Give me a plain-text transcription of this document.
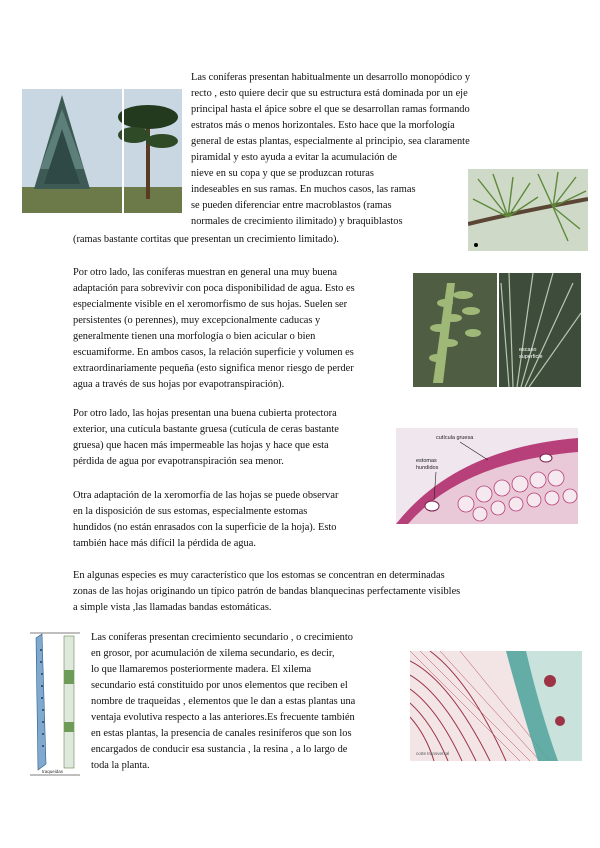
Las coníferas presentan habitualmente un desarrollo monopódico y
recto , esto quiere decir que su estructura está dominada por un eje
principal hasta el ápice sobre el que se desarrollan ramas formando
estratos más o menos horizontales. Esto hace que la morfología
general de estas plantas, especialmente al principio, sea claramente
piramidal y esto ayuda a evitar la acumulación de
nieve en su copa y que se produzcan roturas
indeseables en sus ramas. En muchos casos, las ramas
se pueden diferenciar entre macroblastos (ramas
normales de crecimiento ilimitado) y braquiblastos
(ramas bastante cortitas que presentan un crecimiento limitado).
Por otro lado, las coníferas muestran en general una muy buena
adaptación para sobrevivir con poca disponibilidad de agua. Esto es
especialmente visible en el xeromorfismo de sus hojas. Suelen ser
persistentes (o perennes), muy excepcionalmente caducas y
generalmente tienen una morfología o bien acicular o bien
escuamiforme. En ambos casos, la relación superficie y volumen es
extraordinariamente pequeña (esto significa menor riesgo de perder
agua a través de sus hojas por evapotranspiración).
escaso
superficie
Por otro lado, las hojas presentan una buena cubierta protectora
exterior, una cutícula bastante gruesa (cutícula de ceras bastante
gruesa) que hacen más impermeable las hojas y hace que esta
pérdida de agua por evapotranspiración sea menor.
cutícula gruesa
estomas
hundidos
Otra adaptación de la xeromorfía de las hojas se puede observar
en la disposición de sus estomas, especialmente estomas
hundidos (no están enrasados con la superficie de la hoja). Esto
también hace más difícil la pérdida de agua.
En algunas especies es muy característico que los estomas se concentran en determinadas
zonas de las hojas originando un típico patrón de bandas blanquecinas perfectamente visibles
a simple vista ,las llamadas bandas estomáticas.
traqueidas
Las coníferas presentan crecimiento secundario , o crecimiento
en grosor, por acumulación de xilema secundario, es decir,
lo que llamaremos posteriormente madera. El xilema
secundario está constituido por unos elementos que reciben el
nombre de traqueidas , elementos que le dan a estas plantas una
ventaja evolutiva respecto a las anteriores.Es frecuente también
en estas plantas, la presencia de canales resiníferos que son los
encargados de conducir esa sustancia , la resina , a lo largo de
toda la planta.
corte transversal
